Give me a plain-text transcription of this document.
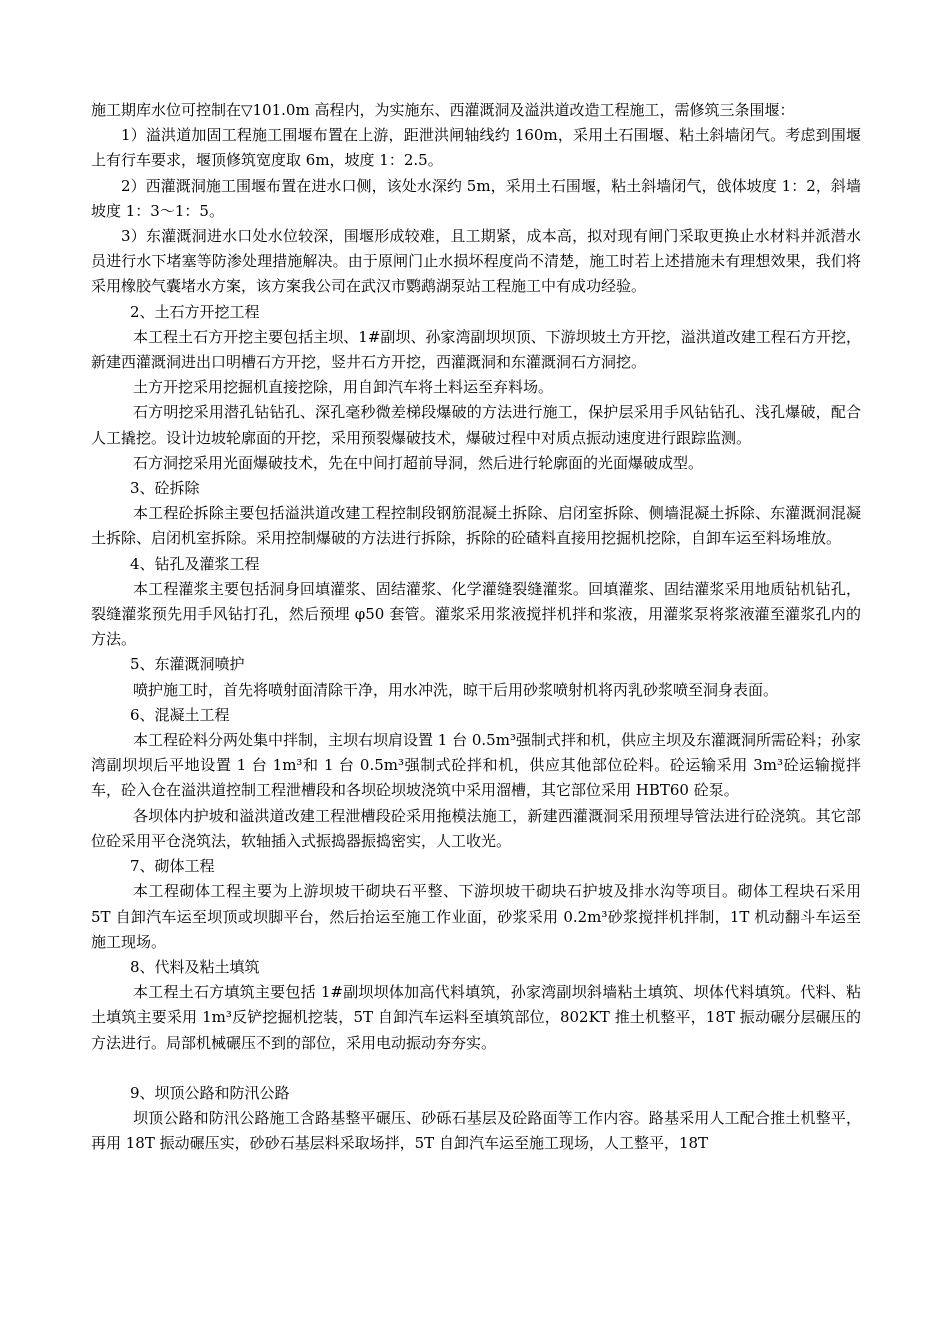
施工期库水位可控制在▽101.0m 高程内，为实施东、西灌溉洞及溢洪道改造工程施工，需修筑三条围堰：

1）溢洪道加固工程施工围堰布置在上游，距泄洪闸轴线约 160m，采用土石围堰、粘土斜墙闭气。考虑到围堰上有行车要求，堰顶修筑宽度取 6m，坡度 1：2.5。

2）西灌溉洞施工围堰布置在进水口侧，该处水深约 5m，采用土石围堰，粘土斜墙闭气，戗体坡度 1：2，斜墙坡度 1：3～1：5。

3）东灌溉洞进水口处水位较深，围堰形成较难，且工期紧，成本高，拟对现有闸门采取更换止水材料并派潜水员进行水下堵塞等防渗处理措施解决。由于原闸门止水损坏程度尚不清楚，施工时若上述措施未有理想效果，我们将采用橡胶气囊堵水方案，该方案我公司在武汉市鹦鹉湖泵站工程施工中有成功经验。

2、土石方开挖工程

本工程土石方开挖主要包括主坝、1#副坝、孙家湾副坝坝顶、下游坝坡土方开挖，溢洪道改建工程石方开挖，新建西灌溉洞进出口明槽石方开挖，竖井石方开挖，西灌溉洞和东灌溉洞石方洞挖。

土方开挖采用挖掘机直接挖除，用自卸汽车将土料运至弃料场。

石方明挖采用潜孔钻钻孔、深孔毫秒微差梯段爆破的方法进行施工，保护层采用手风钻钻孔、浅孔爆破，配合人工撬挖。设计边坡轮廓面的开挖，采用预裂爆破技术，爆破过程中对质点振动速度进行跟踪监测。

石方洞挖采用光面爆破技术，先在中间打超前导洞，然后进行轮廓面的光面爆破成型。

3、砼拆除

本工程砼拆除主要包括溢洪道改建工程控制段钢筋混凝土拆除、启闭室拆除、侧墙混凝土拆除、东灌溉洞混凝土拆除、启闭机室拆除。采用控制爆破的方法进行拆除，拆除的砼碴料直接用挖掘机挖除，自卸车运至料场堆放。

4、钻孔及灌浆工程

本工程灌浆主要包括洞身回填灌浆、固结灌浆、化学灌缝裂缝灌浆。回填灌浆、固结灌浆采用地质钻机钻孔，裂缝灌浆预先用手风钻打孔，然后预埋 φ50 套管。灌浆采用浆液搅拌机拌和浆液，用灌浆泵将浆液灌至灌浆孔内的方法。

5、东灌溉洞喷护

喷护施工时，首先将喷射面清除干净，用水冲洗，晾干后用砂浆喷射机将丙乳砂浆喷至洞身表面。

6、混凝土工程

本工程砼料分两处集中拌制，主坝右坝肩设置 1 台 0.5m³强制式拌和机，供应主坝及东灌溉洞所需砼料；孙家湾副坝坝后平地设置 1 台 1m³和 1 台 0.5m³强制式砼拌和机，供应其他部位砼料。砼运输采用 3m³砼运输搅拌车，砼入仓在溢洪道控制工程泄槽段和各坝砼坝坡浇筑中采用溜槽，其它部位采用 HBT60 砼泵。

各坝体内护坡和溢洪道改建工程泄槽段砼采用拖模法施工，新建西灌溉洞采用预埋导管法进行砼浇筑。其它部位砼采用平仓浇筑法，软轴插入式振捣器振捣密实，人工收光。

7、砌体工程

本工程砌体工程主要为上游坝坡干砌块石平整、下游坝坡干砌块石护坡及排水沟等项目。砌体工程块石采用 5T 自卸汽车运至坝顶或坝脚平台，然后抬运至施工作业面，砂浆采用 0.2m³砂浆搅拌机拌制，1T 机动翻斗车运至施工现场。

8、代料及粘土填筑

本工程土石方填筑主要包括 1#副坝坝体加高代料填筑，孙家湾副坝斜墙粘土填筑、坝体代料填筑。代料、粘土填筑主要采用 1m³反铲挖掘机挖装，5T 自卸汽车运料至填筑部位，802KT 推土机整平，18T 振动碾分层碾压的方法进行。局部机械碾压不到的部位，采用电动振动夯夯实。

9、坝顶公路和防汛公路

坝顶公路和防汛公路施工含路基整平碾压、砂砾石基层及砼路面等工作内容。路基采用人工配合推土机整平，再用 18T 振动碾压实，砂砂石基层料采取场拌，5T 自卸汽车运至施工现场，人工整平，18T
